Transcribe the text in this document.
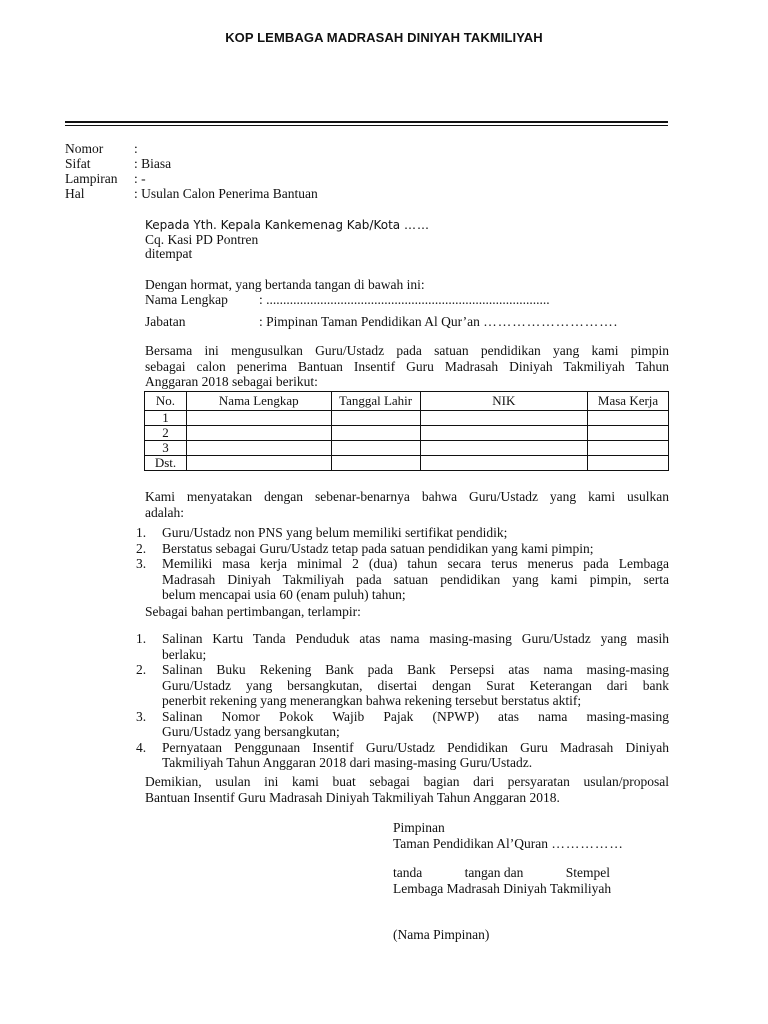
KOP LEMBAGA MADRASAH DINIYAH TAKMILIYAH
Nomor :
Sifat	: Biasa
Lampiran : -
Hal	: Usulan Calon Penerima Bantuan
Kepada Yth. Kepala Kankemenag Kab/Kota ……
Cq. Kasi PD Pontren
ditempat
Dengan hormat, yang bertanda tangan di bawah ini:
Nama Lengkap : ....................................................................................
Jabatan	: Pimpinan Taman Pendidikan Al Qur’an ……………………….
Bersama ini mengusulkan Guru/Ustadz pada satuan pendidikan yang kami pimpin
sebagai calon penerima Bantuan Insentif Guru Madrasah Diniyah Takmiliyah Tahun
Anggaran 2018 sebagai berikut:
No.	Nama Lengkap	Tanggal Lahir	NIK	Masa Kerja
1				
2				
3				
Dst.				
Kami menyatakan dengan sebenar-benarnya bahwa Guru/Ustadz yang kami usulkan
adalah:
1. Guru/Ustadz non PNS yang belum memiliki sertifikat pendidik;
2. Berstatus sebagai Guru/Ustadz tetap pada satuan pendidikan yang kami pimpin;
3. Memiliki masa kerja minimal 2 (dua) tahun secara terus menerus pada Lembaga
Madrasah Diniyah Takmiliyah pada satuan pendidikan yang kami pimpin, serta
belum mencapai usia 60 (enam puluh) tahun;
Sebagai bahan pertimbangan, terlampir:
1. Salinan Kartu Tanda Penduduk atas nama masing-masing Guru/Ustadz yang masih
berlaku;
2. Salinan Buku Rekening Bank pada Bank Persepsi atas nama masing-masing
Guru/Ustadz yang bersangkutan, disertai dengan Surat Keterangan dari bank
penerbit rekening yang menerangkan bahwa rekening tersebut berstatus aktif;
3. Salinan Nomor Pokok Wajib Pajak (NPWP) atas nama masing-masing
Guru/Ustadz yang bersangkutan;
4. Pernyataan Penggunaan Insentif Guru/Ustadz Pendidikan Guru Madrasah Diniyah
Takmiliyah Tahun Anggaran 2018 dari masing-masing Guru/Ustadz.
Demikian, usulan ini kami buat sebagai bagian dari persyaratan usulan/proposal
Bantuan Insentif Guru Madrasah Diniyah Takmiliyah Tahun Anggaran 2018.
Pimpinan
Taman Pendidikan Al’Quran ……………
tanda	tangan dan	Stempel
Lembaga Madrasah Diniyah Takmiliyah
(Nama Pimpinan)
